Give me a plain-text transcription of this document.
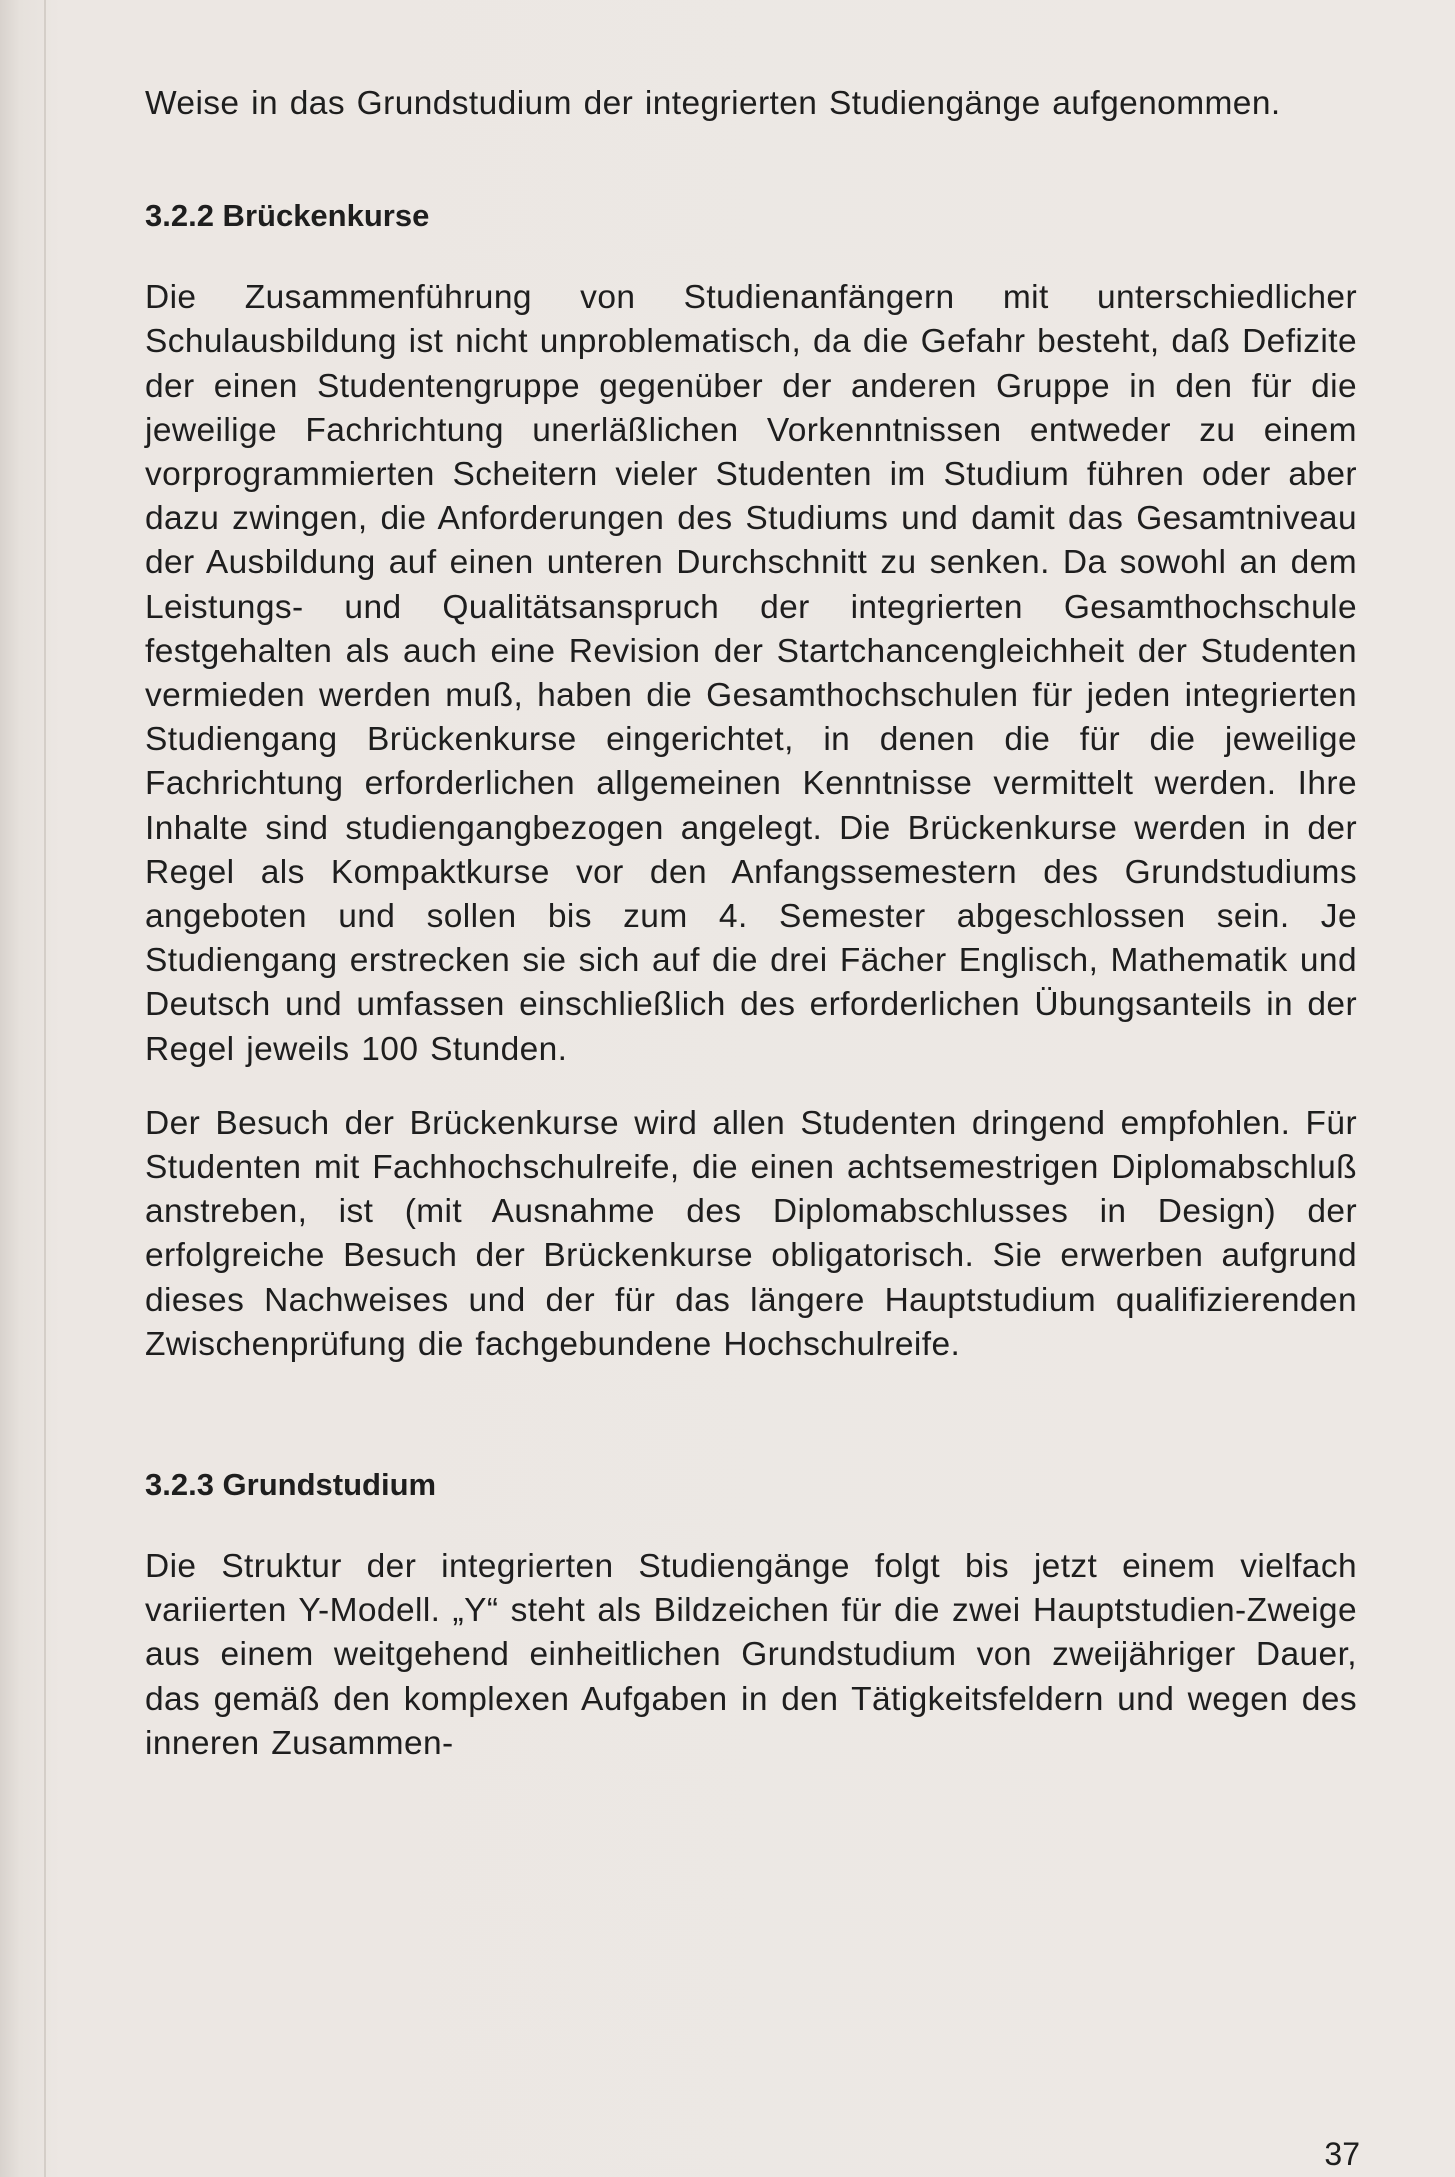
Weise in das Grundstudium der integrierten Studiengänge aufgenommen.

3.2.2 Brückenkurse

Die Zusammenführung von Studienanfängern mit unterschiedlicher Schulausbildung ist nicht unproblematisch, da die Gefahr besteht, daß Defizite der einen Studentengruppe gegenüber der anderen Gruppe in den für die jeweilige Fachrichtung unerläßlichen Vorkenntnissen entweder zu einem vorprogrammierten Scheitern vieler Studenten im Studium führen oder aber dazu zwingen, die Anforderungen des Studiums und damit das Gesamtniveau der Ausbildung auf einen unteren Durchschnitt zu senken. Da sowohl an dem Leistungs- und Qualitätsanspruch der integrierten Gesamthochschule festgehalten als auch eine Revision der Startchancengleichheit der Studenten vermieden werden muß, haben die Gesamthochschulen für jeden integrierten Studiengang Brückenkurse eingerichtet, in denen die für die jeweilige Fachrichtung erforderlichen allgemeinen Kenntnisse vermittelt werden. Ihre Inhalte sind studiengangbezogen angelegt. Die Brückenkurse werden in der Regel als Kompaktkurse vor den Anfangssemestern des Grundstudiums angeboten und sollen bis zum 4. Semester abgeschlossen sein. Je Studiengang erstrecken sie sich auf die drei Fächer Englisch, Mathematik und Deutsch und umfassen einschließlich des erforderlichen Übungsanteils in der Regel jeweils 100 Stunden.

Der Besuch der Brückenkurse wird allen Studenten dringend empfohlen. Für Studenten mit Fachhochschulreife, die einen achtsemestrigen Diplomabschluß anstreben, ist (mit Ausnahme des Diplomabschlusses in Design) der erfolgreiche Besuch der Brückenkurse obligatorisch. Sie erwerben aufgrund dieses Nachweises und der für das längere Hauptstudium qualifizierenden Zwischenprüfung die fachgebundene Hochschulreife.

3.2.3 Grundstudium

Die Struktur der integrierten Studiengänge folgt bis jetzt einem vielfach variierten Y-Modell. „Y“ steht als Bildzeichen für die zwei Hauptstudien-Zweige aus einem weitgehend einheitlichen Grundstudium von zweijähriger Dauer, das gemäß den komplexen Aufgaben in den Tätigkeitsfeldern und wegen des inneren Zusammen-

37
